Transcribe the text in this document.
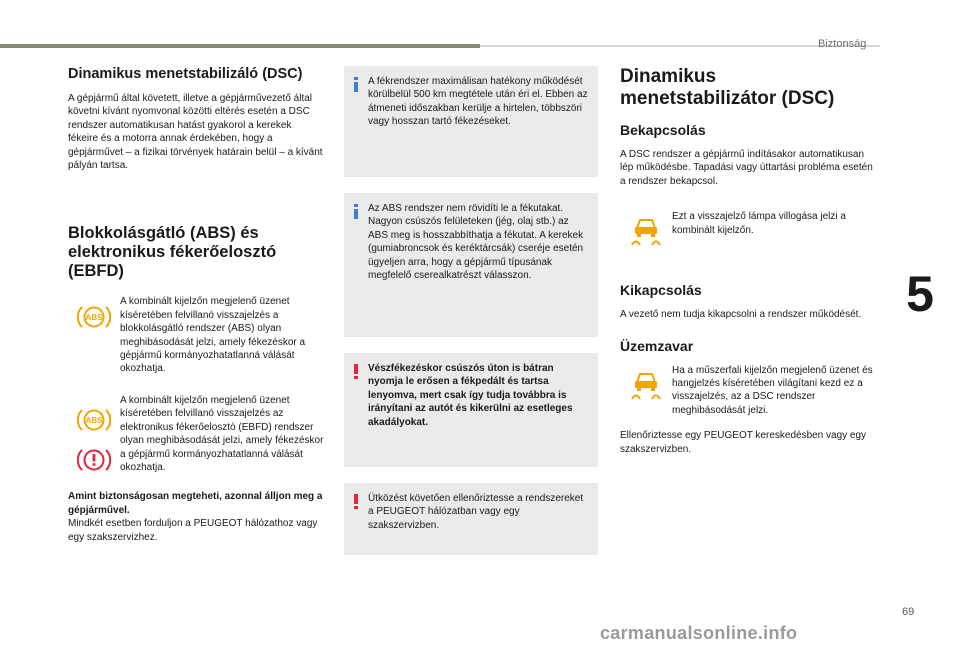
Biztonság
5
Dinamikus menetstabilizáló (DSC)

A gépjármű által követett, illetve a gépjárművezető által követni kívánt nyomvonal közötti eltérés esetén a DSC rendszer automatikusan hatást gyakorol a kerekek fékeire és a motorra annak érdekében, hogy a gépjárművet – a fizikai törvények határain belül – a kívánt pályán tartsa.

Blokkolásgátló (ABS) és elektronikus fékerőelosztó (EBFD)
ABS

A kombinált kijelzőn megjelenő üzenet kíséretében felvillanó visszajelzés a blokkolásgátló rendszer (ABS) olyan meghibásodását jelzi, amely fékezéskor a gépjármű kormányozhatatlanná válását okozhatja.

ABS

A kombinált kijelzőn megjelenő üzenet kíséretében felvillanó visszajelzés az elektronikus fékerőelosztó (EBFD) rendszer olyan meghibásodását jelzi, amely fékezéskor a gépjármű kormányozhatatlanná válását okozhatja.

Amint biztonságosan megteheti, azonnal álljon meg a gépjárművel.

Mindkét esetben forduljon a PEUGEOT hálózathoz vagy egy szakszervizhez.

A fékrendszer maximálisan hatékony működését körülbelül 500 km megtétele után éri el. Ebben az átmeneti időszakban kerülje a hirtelen, többszöri vagy hosszan tartó fékezéseket.

Az ABS rendszer nem rövidíti le a fékutakat. Nagyon csúszós felületeken (jég, olaj stb.) az ABS meg is hosszabbíthatja a fékutat. A kerekek (gumiabroncsok és keréktárcsák) cseréje esetén ügyeljen arra, hogy a gépjármű típusának megfelelő cserealkatrészt válasszon.

Vészfékezéskor csúszós úton is bátran nyomja le erősen a fékpedált és tartsa lenyomva, mert csak így tudja továbbra is irányítani az autót és kikerülni az esetleges akadályokat.

Ütközést követően ellenőriztesse a rendszereket a PEUGEOT hálózatban vagy egy szakszervizben.

Dinamikus menetstabilizátor (DSC)
Bekapcsolás

A DSC rendszer a gépjármű indításakor automatikusan lép működésbe. Tapadási vagy úttartási probléma esetén a rendszer bekapcsol.

Ezt a visszajelző lámpa villogása jelzi a kombinált kijelzőn.

Kikapcsolás

A vezető nem tudja kikapcsolni a rendszer működését.

Üzemzavar

Ha a műszerfali kijelzőn megjelenő üzenet és hangjelzés kíséretében világítani kezd ez a visszajelzés, az a DSC rendszer meghibásodását jelzi.

Ellenőriztesse egy PEUGEOT kereskedésben vagy egy szakszervizben.

69
carmanualsonline.info
